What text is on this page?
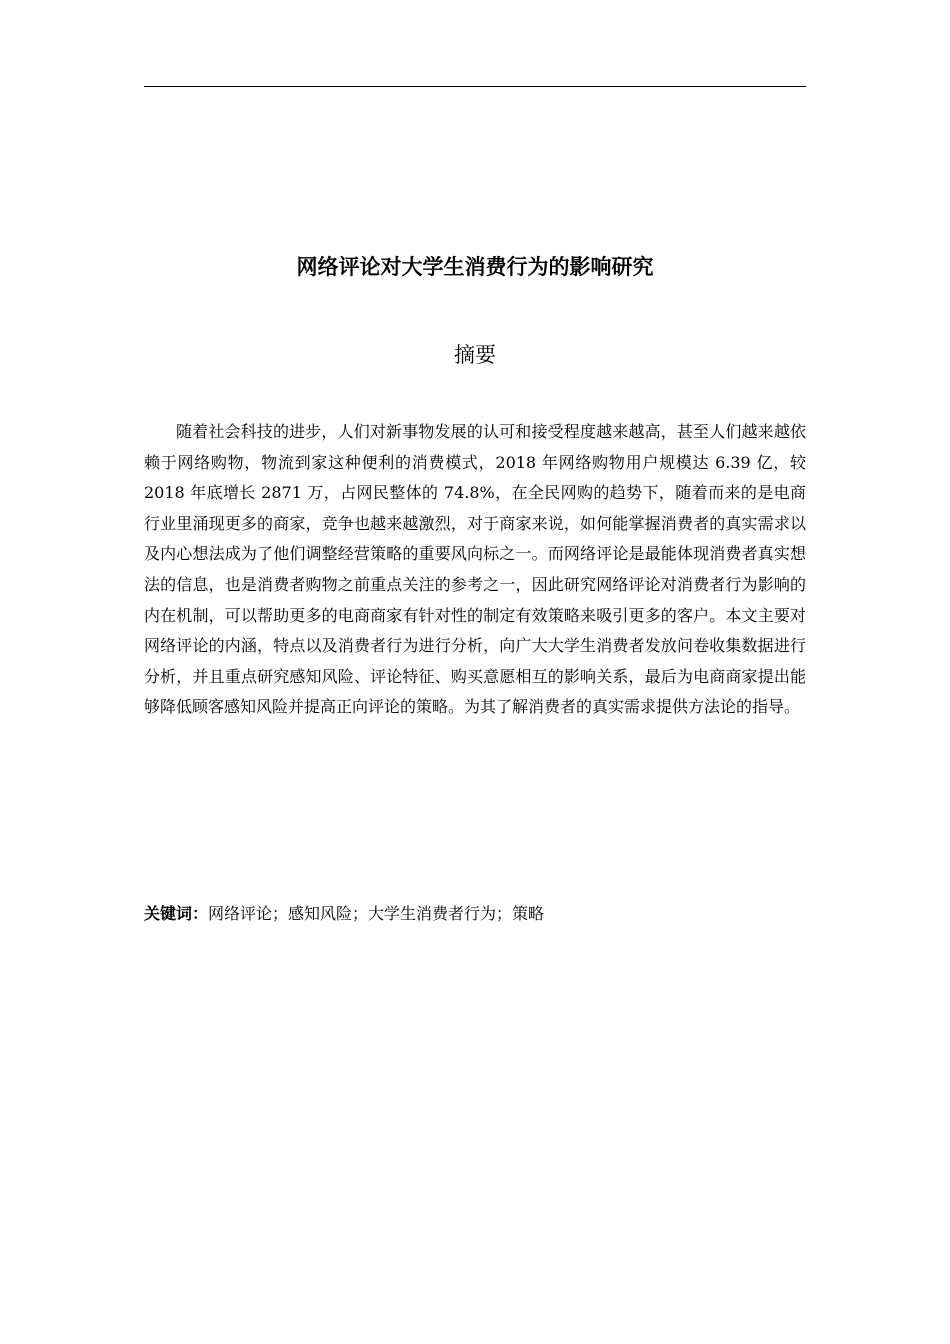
网络评论对大学生消费行为的影响研究
摘要

随着社会科技的进步，人们对新事物发展的认可和接受程度越来越高，甚至人们越来越依赖于网络购物，物流到家这种便利的消费模式，2018 年网络购物用户规模达 6.39 亿，较 2018 年底增长 2871 万，占网民整体的 74.8%，在全民网购的趋势下，随着而来的是电商行业里涌现更多的商家，竞争也越来越激烈，对于商家来说，如何能掌握消费者的真实需求以及内心想法成为了他们调整经营策略的重要风向标之一。而网络评论是最能体现消费者真实想法的信息，也是消费者购物之前重点关注的参考之一，因此研究网络评论对消费者行为影响的内在机制，可以帮助更多的电商商家有针对性的制定有效策略来吸引更多的客户。本文主要对网络评论的内涵，特点以及消费者行为进行分析，向广大大学生消费者发放问卷收集数据进行分析，并且重点研究感知风险、评论特征、购买意愿相互的影响关系，最后为电商商家提出能够降低顾客感知风险并提高正向评论的策略。为其了解消费者的真实需求提供方法论的指导。

关键词：网络评论；感知风险；大学生消费者行为；策略
